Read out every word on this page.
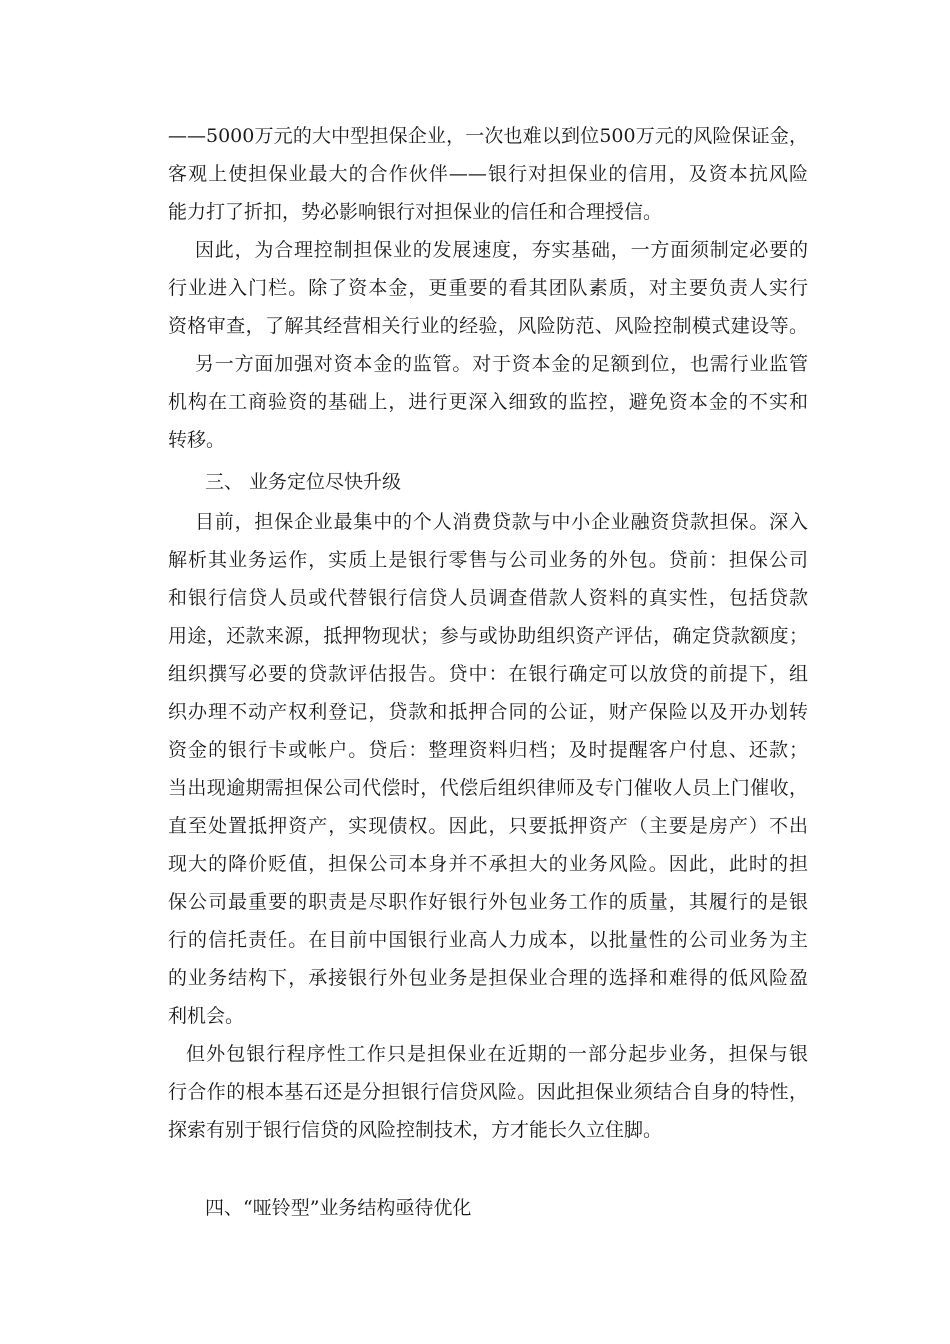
——5000万元的大中型担保企业，一次也难以到位500万元的风险保证金，
客观上使担保业最大的合作伙伴——银行对担保业的信用，及资本抗风险
能力打了折扣，势必影响银行对担保业的信任和合理授信。
因此，为合理控制担保业的发展速度，夯实基础，一方面须制定必要的
行业进入门栏。除了资本金，更重要的看其团队素质，对主要负责人实行
资格审查，了解其经营相关行业的经验，风险防范、风险控制模式建设等。
另一方面加强对资本金的监管。对于资本金的足额到位，也需行业监管
机构在工商验资的基础上，进行更深入细致的监控，避免资本金的不实和
转移。
三、 业务定位尽快升级
目前，担保企业最集中的个人消费贷款与中小企业融资贷款担保。深入
解析其业务运作，实质上是银行零售与公司业务的外包。贷前：担保公司
和银行信贷人员或代替银行信贷人员调查借款人资料的真实性，包括贷款
用途，还款来源，抵押物现状；参与或协助组织资产评估，确定贷款额度；
组织撰写必要的贷款评估报告。贷中：在银行确定可以放贷的前提下，组
织办理不动产权利登记，贷款和抵押合同的公证，财产保险以及开办划转
资金的银行卡或帐户。贷后：整理资料归档；及时提醒客户付息、还款；
当出现逾期需担保公司代偿时，代偿后组织律师及专门催收人员上门催收，
直至处置抵押资产，实现债权。因此，只要抵押资产（主要是房产）不出
现大的降价贬值，担保公司本身并不承担大的业务风险。因此，此时的担
保公司最重要的职责是尽职作好银行外包业务工作的质量，其履行的是银
行的信托责任。在目前中国银行业高人力成本，以批量性的公司业务为主
的业务结构下，承接银行外包业务是担保业合理的选择和难得的低风险盈
利机会。
但外包银行程序性工作只是担保业在近期的一部分起步业务，担保与银
行合作的根本基石还是分担银行信贷风险。因此担保业须结合自身的特性，
探索有别于银行信贷的风险控制技术，方才能长久立住脚。
四、“哑铃型”业务结构亟待优化
